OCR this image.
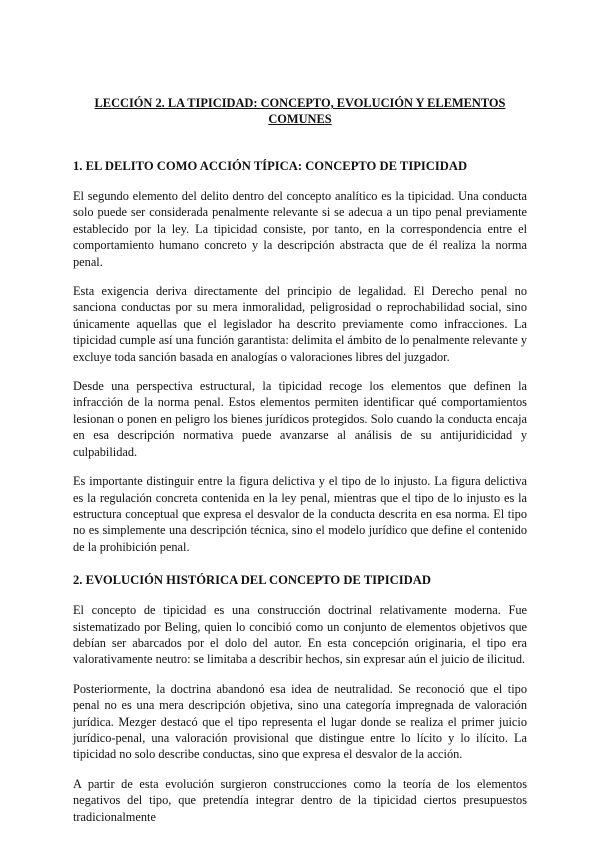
LECCIÓN 2. LA TIPICIDAD: CONCEPTO, EVOLUCIÓN Y ELEMENTOS COMUNES
1. EL DELITO COMO ACCIÓN TÍPICA: CONCEPTO DE TIPICIDAD

El segundo elemento del delito dentro del concepto analítico es la tipicidad. Una conducta solo puede ser considerada penalmente relevante si se adecua a un tipo penal previamente establecido por la ley. La tipicidad consiste, por tanto, en la correspondencia entre el comportamiento humano concreto y la descripción abstracta que de él realiza la norma penal.

Esta exigencia deriva directamente del principio de legalidad. El Derecho penal no sanciona conductas por su mera inmoralidad, peligrosidad o reprochabilidad social, sino únicamente aquellas que el legislador ha descrito previamente como infracciones. La tipicidad cumple así una función garantista: delimita el ámbito de lo penalmente relevante y excluye toda sanción basada en analogías o valoraciones libres del juzgador.

Desde una perspectiva estructural, la tipicidad recoge los elementos que definen la infracción de la norma penal. Estos elementos permiten identificar qué comportamientos lesionan o ponen en peligro los bienes jurídicos protegidos. Solo cuando la conducta encaja en esa descripción normativa puede avanzarse al análisis de su antijuridicidad y culpabilidad.

Es importante distinguir entre la figura delictiva y el tipo de lo injusto. La figura delictiva es la regulación concreta contenida en la ley penal, mientras que el tipo de lo injusto es la estructura conceptual que expresa el desvalor de la conducta descrita en esa norma. El tipo no es simplemente una descripción técnica, sino el modelo jurídico que define el contenido de la prohibición penal.

2. EVOLUCIÓN HISTÓRICA DEL CONCEPTO DE TIPICIDAD

El concepto de tipicidad es una construcción doctrinal relativamente moderna. Fue sistematizado por Beling, quien lo concibió como un conjunto de elementos objetivos que debían ser abarcados por el dolo del autor. En esta concepción originaria, el tipo era valorativamente neutro: se limitaba a describir hechos, sin expresar aún el juicio de ilicitud.

Posteriormente, la doctrina abandonó esa idea de neutralidad. Se reconoció que el tipo penal no es una mera descripción objetiva, sino una categoría impregnada de valoración jurídica. Mezger destacó que el tipo representa el lugar donde se realiza el primer juicio jurídico-penal, una valoración provisional que distingue entre lo lícito y lo ilícito. La tipicidad no solo describe conductas, sino que expresa el desvalor de la acción.

A partir de esta evolución surgieron construcciones como la teoría de los elementos negativos del tipo, que pretendía integrar dentro de la tipicidad ciertos presupuestos tradicionalmente
